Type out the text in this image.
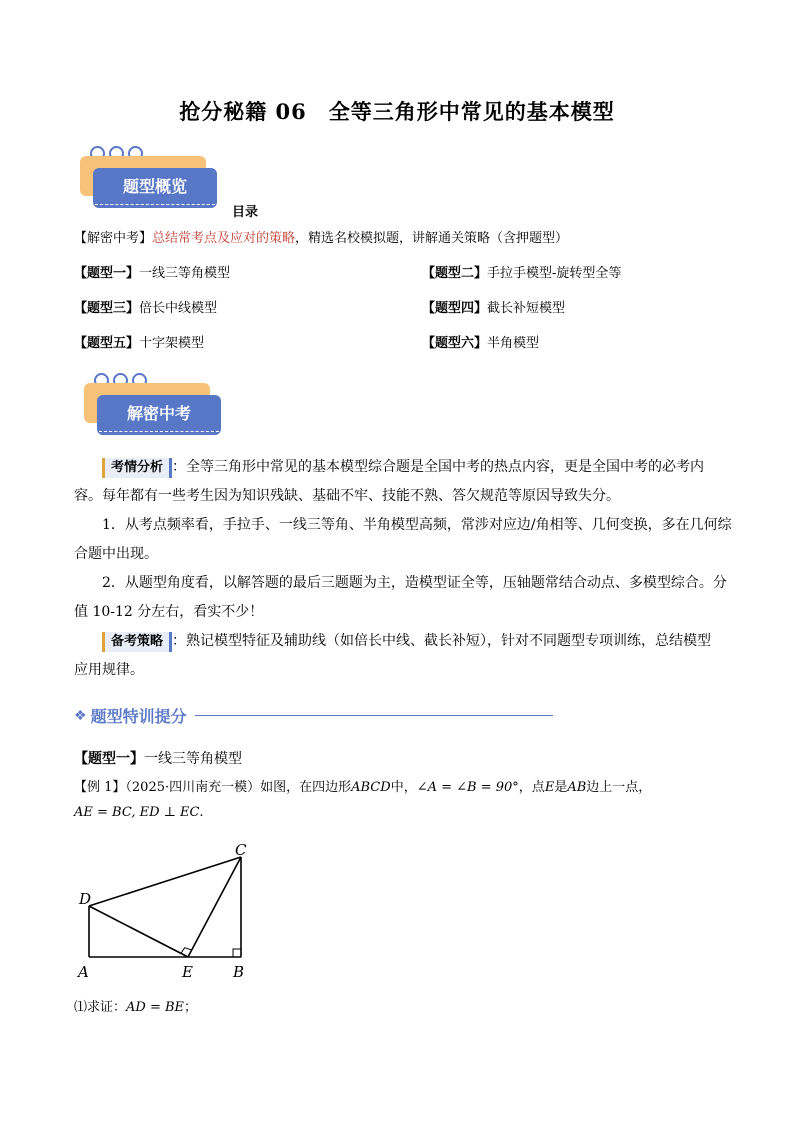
抢分秘籍 06　全等三角形中常见的基本模型
题型概览
目录
【解密中考】总结常考点及应对的策略，精选名校模拟题，讲解通关策略（含押题型）
【题型一】一线三等角模型	【题型二】手拉手模型-旋转型全等
【题型三】倍长中线模型	【题型四】截长补短模型
【题型五】十字架模型	【题型六】半角模型
解密中考
考情分析 ：全等三角形中常见的基本模型综合题是全国中考的热点内容，更是全国中考的必考内
容。每年都有一些考生因为知识残缺、基础不牢、技能不熟、答欠规范等原因导致失分。
1．从考点频率看，手拉手、一线三等角、半角模型高频，常涉对应边/角相等、几何变换，多在几何综
合题中出现。
2．从题型角度看，以解答题的最后三题题为主，造模型证全等，压轴题常结合动点、多模型综合。分
值 10-12 分左右，看实不少！
备考策略 ：熟记模型特征及辅助线（如倍长中线、截长补短），针对不同题型专项训练，总结模型
应用规律。
❖ 题型特训提分
【题型一】一线三等角模型
【例 1】（2025·四川南充一模）如图，在四边形ABCD中，∠A = ∠B = 90°，点E是AB边上一点，
AE = BC, ED ⊥ EC.
A	E	B
C
D
⑴求证：AD = BE；
